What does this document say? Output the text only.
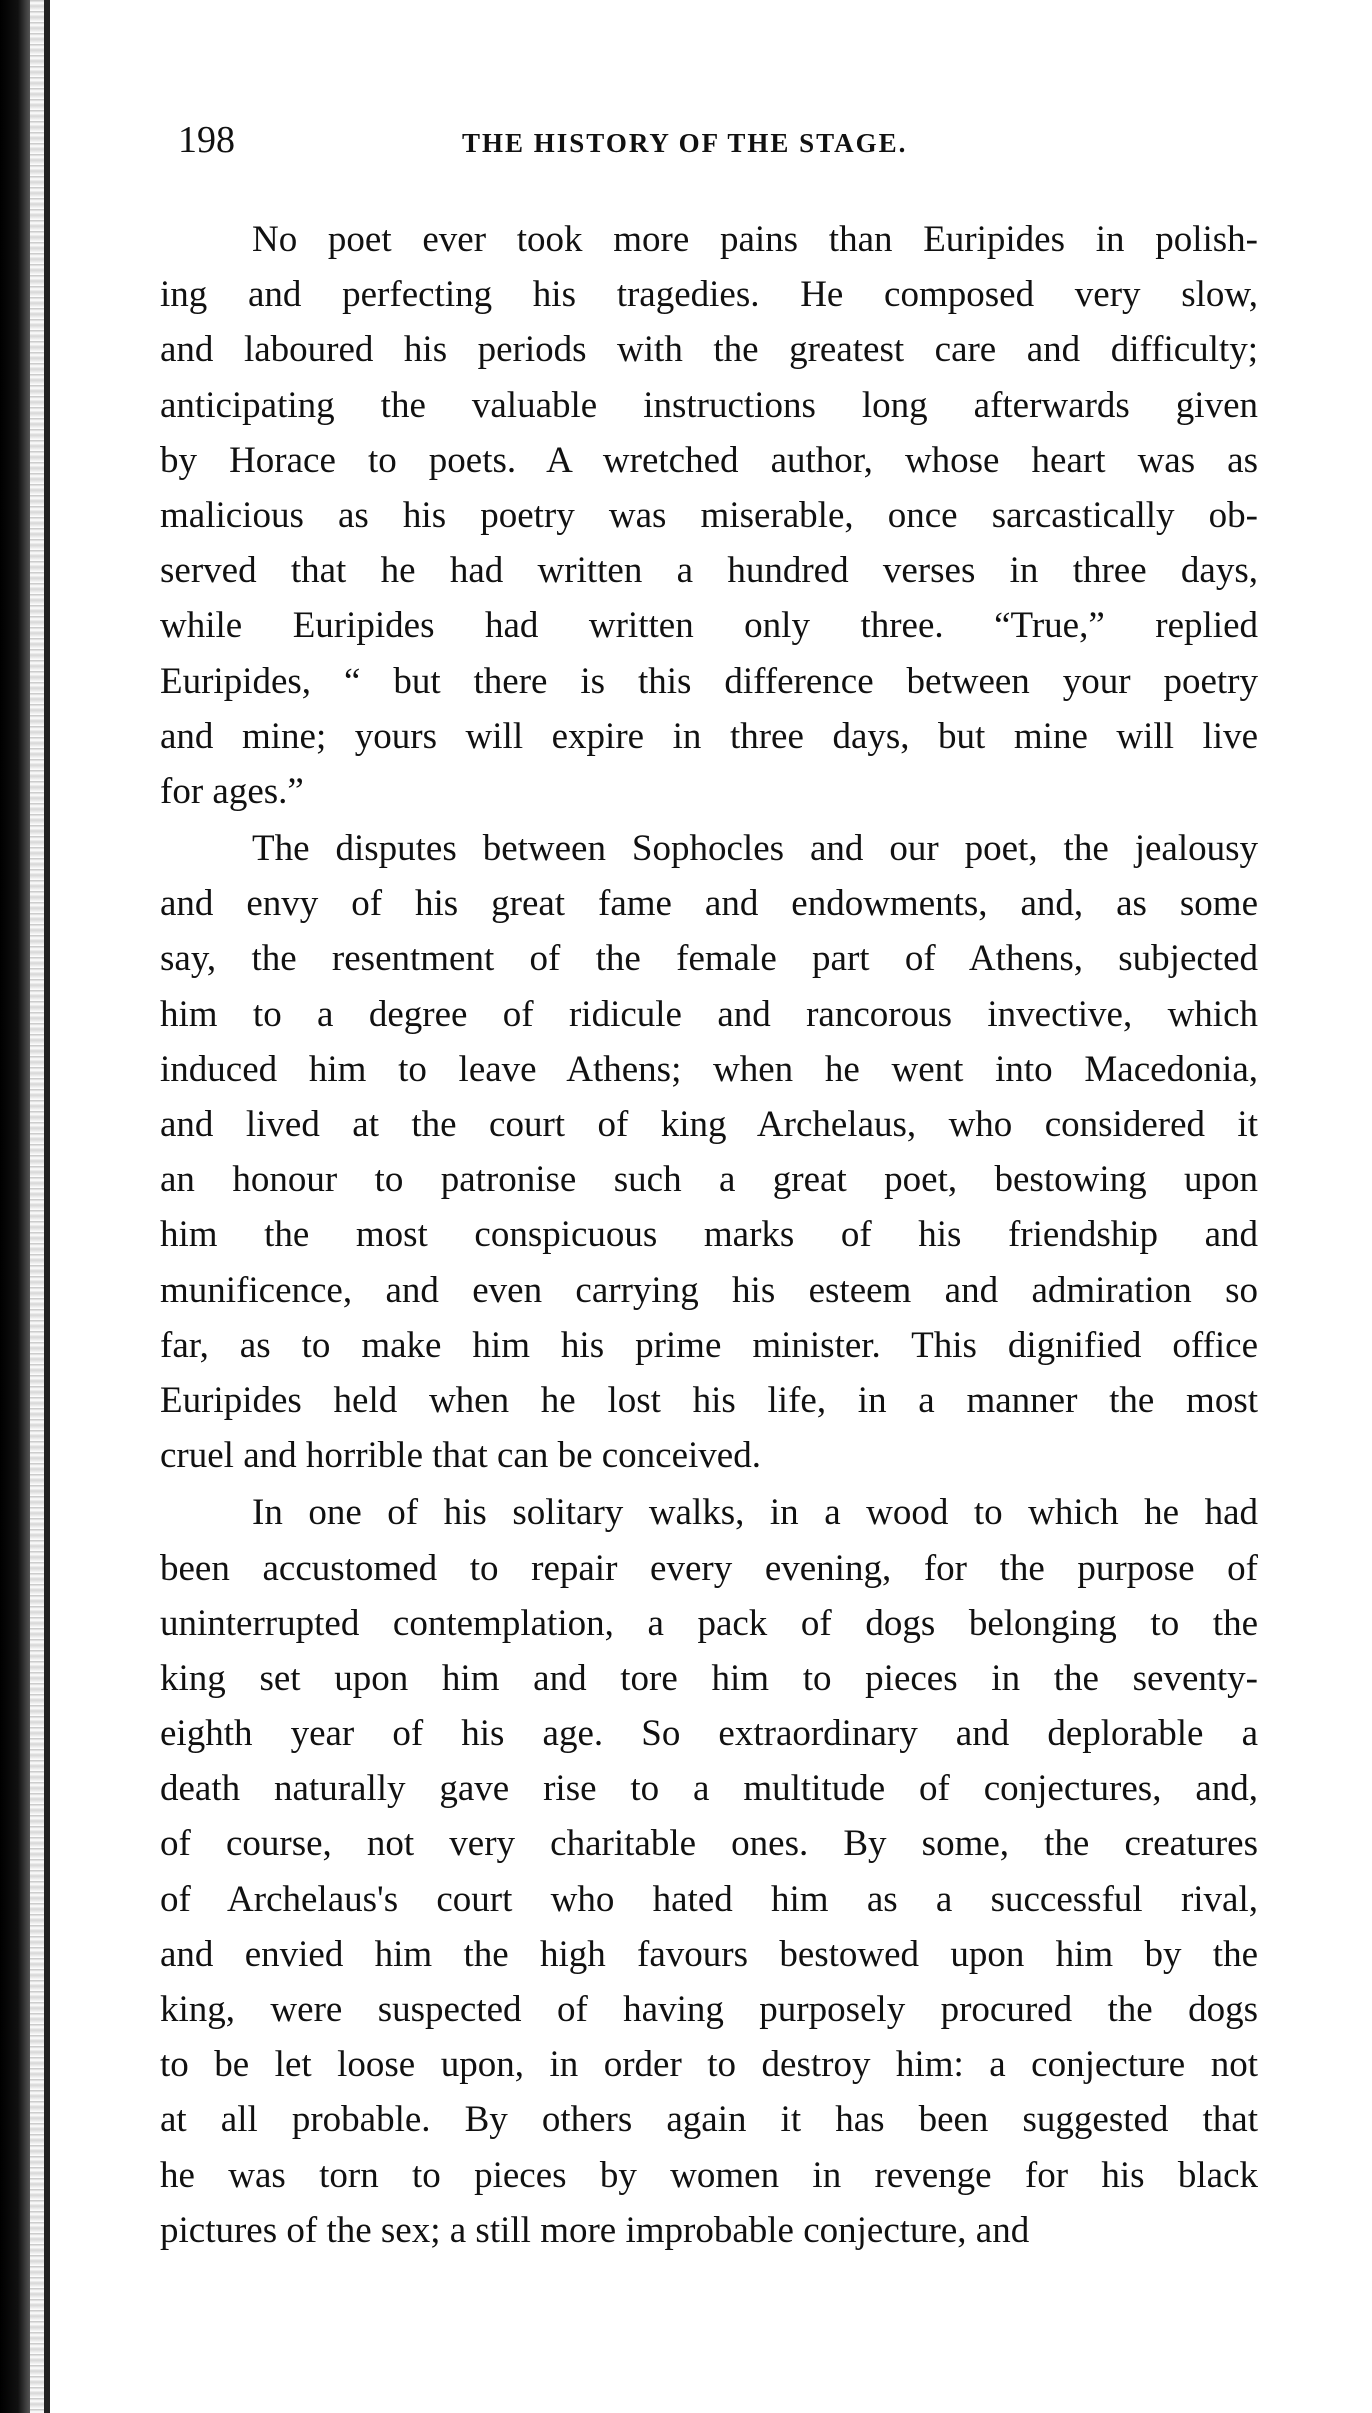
198	THE HISTORY OF THE STAGE.
No poet ever took more pains than Euripides in polish-
ing and perfecting his tragedies. He composed very slow,
and laboured his periods with the greatest care and difficulty;
anticipating the valuable instructions long afterwards given
by Horace to poets. A wretched author, whose heart was as
malicious as his poetry was miserable, once sarcastically ob-
served that he had written a hundred verses in three days,
while Euripides had written only three. “True,” replied
Euripides, “ but there is this difference between your poetry
and mine; yours will expire in three days, but mine will live
for ages.”
The disputes between Sophocles and our poet, the jealousy
and envy of his great fame and endowments, and, as some
say, the resentment of the female part of Athens, subjected
him to a degree of ridicule and rancorous invective, which
induced him to leave Athens; when he went into Macedonia,
and lived at the court of king Archelaus, who considered it
an honour to patronise such a great poet, bestowing upon
him the most conspicuous marks of his friendship and
munificence, and even carrying his esteem and admiration so
far, as to make him his prime minister. This dignified office
Euripides held when he lost his life, in a manner the most
cruel and horrible that can be conceived.
In one of his solitary walks, in a wood to which he had
been accustomed to repair every evening, for the purpose of
uninterrupted contemplation, a pack of dogs belonging to the
king set upon him and tore him to pieces in the seventy-
eighth year of his age. So extraordinary and deplorable a
death naturally gave rise to a multitude of conjectures, and,
of course, not very charitable ones. By some, the creatures
of Archelaus's court who hated him as a successful rival,
and envied him the high favours bestowed upon him by the
king, were suspected of having purposely procured the dogs
to be let loose upon, in order to destroy him: a conjecture not
at all probable. By others again it has been suggested that
he was torn to pieces by women in revenge for his black
pictures of the sex; a still more improbable conjecture, and
